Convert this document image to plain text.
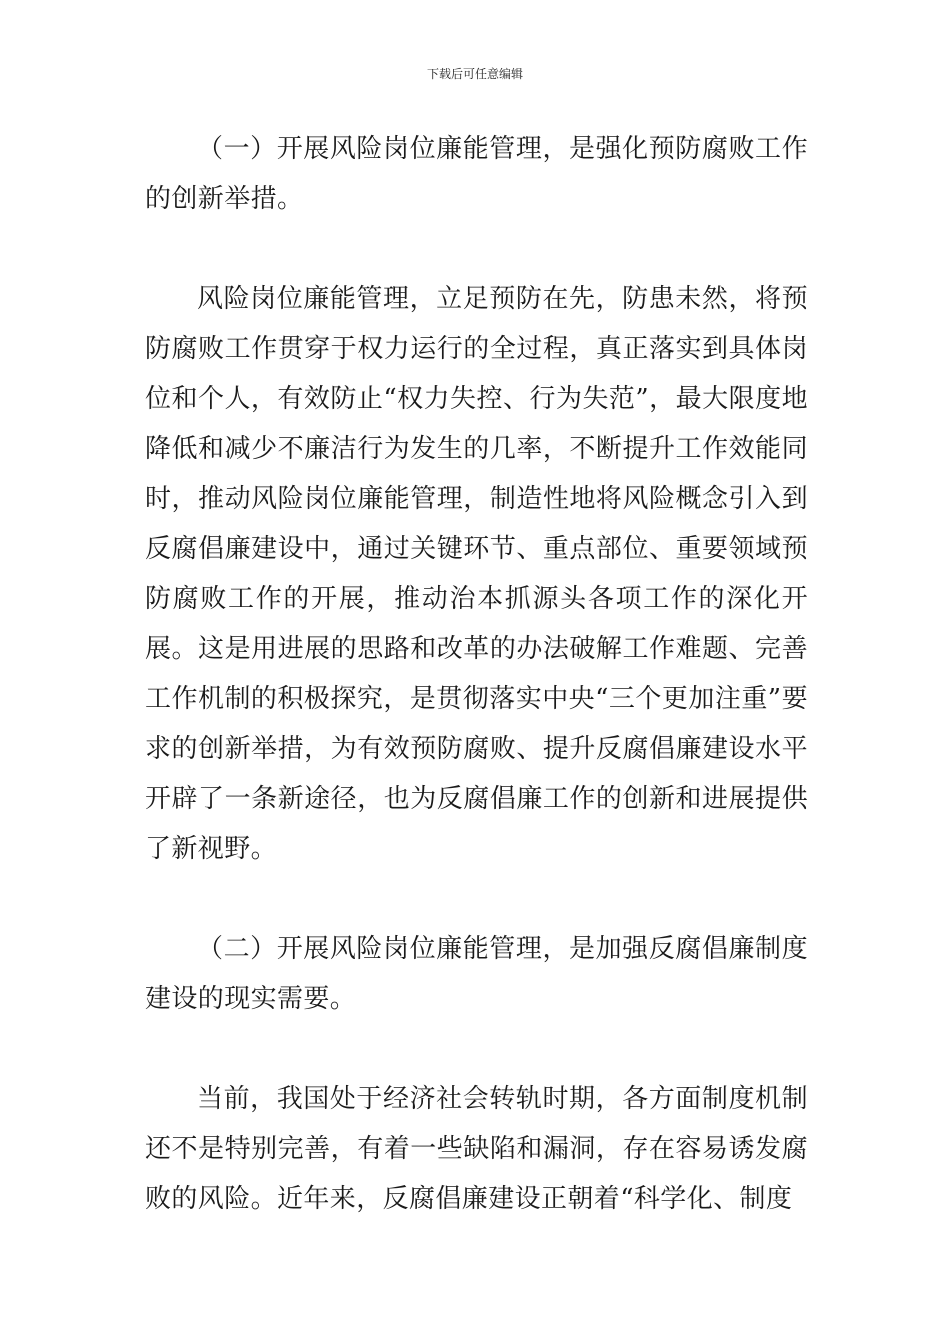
下载后可任意编辑

（一）开展风险岗位廉能管理，是强化预防腐败工作的创新举措。

风险岗位廉能管理，立足预防在先，防患未然，将预防腐败工作贯穿于权力运行的全过程，真正落实到具体岗位和个人，有效防止“权力失控、行为失范”，最大限度地降低和减少不廉洁行为发生的几率，不断提升工作效能同时，推动风险岗位廉能管理，制造性地将风险概念引入到反腐倡廉建设中，通过关键环节、重点部位、重要领域预防腐败工作的开展，推动治本抓源头各项工作的深化开展。这是用进展的思路和改革的办法破解工作难题、完善工作机制的积极探究，是贯彻落实中央“三个更加注重”要求的创新举措，为有效预防腐败、提升反腐倡廉建设水平开辟了一条新途径，也为反腐倡廉工作的创新和进展提供了新视野。

（二）开展风险岗位廉能管理，是加强反腐倡廉制度建设的现实需要。

当前，我国处于经济社会转轨时期，各方面制度机制还不是特别完善，有着一些缺陷和漏洞，存在容易诱发腐败的风险。近年来，反腐倡廉建设正朝着“科学化、制度
